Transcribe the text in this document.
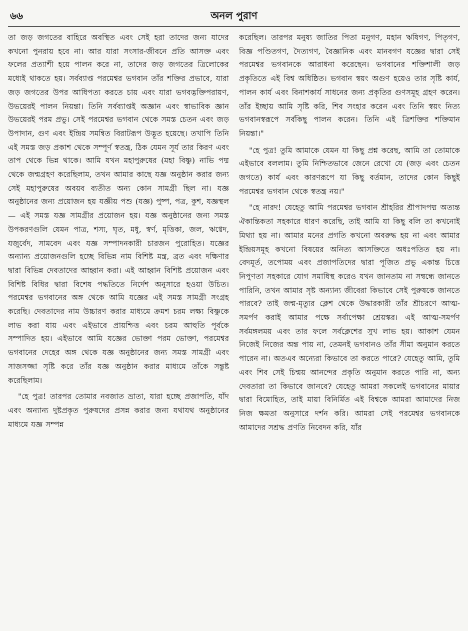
৬৬	অনল পুরাণ

তা জড় জগতের বাহিরে অবস্থিত এবং সেই হরা তাদের জন্য যাদের কখনো পুনরায় হবে না। আর যারা সংসার-জীবনে প্রতি আসক্ত এবং ফলের প্রত্যাশী হয়ে পালন করে না, তাদের জড় জগতের ত্রিলোকের মধ্যেই থাকতে হয়। সর্বব্যাপ্ত পরমেশ্বর ভগবান তাঁর শক্তির প্রভাবে, যারা জড় জগতের উপর আধিপত্য করতে চায় এবং যারা ভগবদ্ভক্তিপরায়ণ, উভয়েরই পালন নিয়ন্তা। তিনি সর্বব্যাপ্তই অজ্ঞান এবং স্বাভাবিক জ্ঞান উভয়েরই পরম প্রভু। সেই পরমেশ্বর ভগবান থেকে সমস্ত চেতন এবং জড় উপাদান, গুণ এবং ইন্দ্রিয় সমন্বিত বিরাটরূপ উদ্ভূত হয়েছে। তখাপি তিনি এই সমস্ত জড় প্রকাশ থেকে সম্পূর্ণ স্বতন্ত্র, ঠিক যেমন সূর্য তার কিরণ এবং তাপ থেকে ভিন্ন থাকে। আমি যখন মহাপুরুষের (মহা বিষ্ণু) নাভি পদ্ম থেকে জন্মগ্রহণ করেছিলাম, তখন আমার কাছে যজ্ঞ অনুষ্ঠান করার জন্য সেই মহাপুরুষের অবয়ব ব্যতীত অন্য কোন সামগ্রী ছিল না। যজ্ঞ অনুষ্ঠানের জন্য প্রয়োজন হয় যজ্ঞীয় পশু (যজ্ঞ) পুষ্প, পত্র, কুশ, যজ্ঞস্থল — এই সমস্ত যজ্ঞ সামগ্রীর প্রয়োজন হয়। যজ্ঞ অনুষ্ঠানের জন্য সমস্ত উপকরণগুলি যেমন পাত্র, শস্য, ঘৃত, মধু, স্বর্ণ, মৃত্তিকা, জল, ঋগ্বেদ, যজুর্বেদ, সামবেদ এবং যজ্ঞ সম্পাদনকারী চারজন পুরোহিত। যজ্ঞের অন্যান্য প্রয়োজনগুলি হচ্ছে বিভিন্ন নাম বিশিষ্ট মন্ত্র, ব্রত এবং দক্ষিণার দ্বারা বিভিন্ন দেবতাদের আহ্বান করা। এই আহ্বান বিশিষ্ট প্রয়োজন এবং বিশিষ্ট বিধির দ্বারা বিশেষ পদ্ধতিতে নির্দেশ অনুসারে হওয়া উচিত। পরমেশ্বর ভগবানের অঙ্গ থেকে আমি যজ্ঞের এই সমস্ত সামগ্রী সংগ্রহ করেছি। দেবতাদের নাম উচ্চারণ করার মাধ্যমে ক্রমশ চরম লক্ষ্য বিষ্ণুকে লাভ করা যায় এবং এইভাবে প্রায়শ্চিত্ত এবং চরম আহুতি পূর্বকে সম্পাদিত হয়। এইভাবে আমি যজ্ঞের ভোক্তা পরম ভোক্তা, পরমেশ্বর ভগবানের দেহের অঙ্গ থেকে যজ্ঞ অনুষ্ঠানের জন্য সমস্ত সামগ্রী এবং সাজসজ্জা সৃষ্টি করে তাঁর যজ্ঞ অনুষ্ঠান করার মাধ্যমে তাঁকে সন্তুষ্ট করেছিলাম।

"হে পুত্র! তারপর তোমার নবজাত ভ্রাতা, যারা হচ্ছে প্রজাপতি, যাঁদ এবং অন্যান্য দুষ্টপ্রকৃত পুরুষদের প্রসন্ন করার জন্য যথাযথ অনুষ্ঠানের মাধ্যমে যজ্ঞ সম্পন্ন

করেছিল। তারপর মনুষ্য জাতির পিতা মনুগণ, মহান ঋষিগণ, পিতৃগণ, বিজ্ঞ পণ্ডিতগণ, দৈত্যগণ, বৈজ্ঞানিক এবং মানবগণ যজ্ঞের দ্বারা সেই পরমেশ্বর ভগবানকে আরাধনা করেছেন। ভগবানের শক্তিশালী জড় প্রকৃতিতে এই বিশ্ব অধিষ্ঠিত। ভগবান স্বয়ং অগুণ হয়েও তার সৃষ্টি কার্য, পালন কার্য এবং বিনাশকার্য সাধনের জন্য প্রকৃতির গুণসমূহ গ্রহণ করেন। তাঁর ইচ্ছায় আমি সৃষ্টি করি, শিব সংহার করেন এবং তিনি স্বয়ং নিত্য ভগবানস্বরূপে সর্বকিছু পালন করেন। তিনি এই ত্রিশক্তির শক্তিমান নিয়ন্তা।"

"হে পুত্র! তুমি আমাকে যেমন যা কিছু প্রশ্ন করেছ, আমি তা তোমাকে এইভাবে বললাম। তুমি নিশ্চিতভাবে জেনে রেখো যে (জড় এবং চেতন জগতে) কার্য এবং কারণরূপে যা কিছু বর্তমান, তাদের কোন কিছুই পরমেশ্বর ভগবান থেকে স্বতন্ত্র নয়।"

"হে নারদ! যেহেতু আমি পরমেশ্বর ভগবান শ্রীহরির শ্রীপাদপদ্ম অত্যন্ত ঐকান্তিকতা সহকারে ধারণ করেছি, তাই আমি যা কিছু বলি তা কখনোই মিথ্যা হয় না। আমার মনের প্রগতি কখনো অবরুদ্ধ হয় না এবং আমার ইন্দ্রিয়সমূহ কখনো বিষয়ের অনিত্য আসক্তিতে অধঃপতিত হয় না। বেদমূর্ত, তপোময় এবং প্রজাপতিদের দ্বারা পূজিত প্রভু একান্ত চিত্তে নিপুণতা সহকারে যোগ সমাধিস্থ করেও যখন জানতাম না সম্বন্ধে জানতে পারিনি, তখন আমার সৃষ্ট অন্যান্য জীবেরা কিভাবে সেই পুরুষকে জানতে পারবে? তাই জন্ম-মৃত্যুর ক্লেশ থেকে উদ্ধারকারী তাঁর শ্রীচরণে আত্ম-সমর্পণ করাই আমার পক্ষে সর্বাপেক্ষা শ্রেয়স্কর। এই আত্ম-সমর্পণ সর্বমঙ্গলময় এবং তার ফলে সর্বক্লেশের সুখ লাভ হয়। আকাশ যেমন নিজেই নিজের অন্ত পায় না, তেমনই ভগবানও তাঁর সীমা অনুমান করতে পারেন না। অতএব অন্যেরা কিভাবে তা করতে পারে? যেহেতু আমি, তুমি এবং শিব সেই চিন্ময় আনন্দের প্রকৃতি অনুমান করতে পারি না, অন্য দেবতারা তা কিভাবে জানবে? যেহেতু আমরা সকলেই ভগবানের মায়ার দ্বারা বিমোহিত, তাই মায়া বিনির্মিত এই বিশ্বকে আমরা আমাদের নিজ নিজ ক্ষমতা অনুসারে দর্শন করি। আমরা সেই পরমেশ্বর ভগবানকে আমাদের সশ্রদ্ধ প্রণতি নিবেদন করি, যাঁর
